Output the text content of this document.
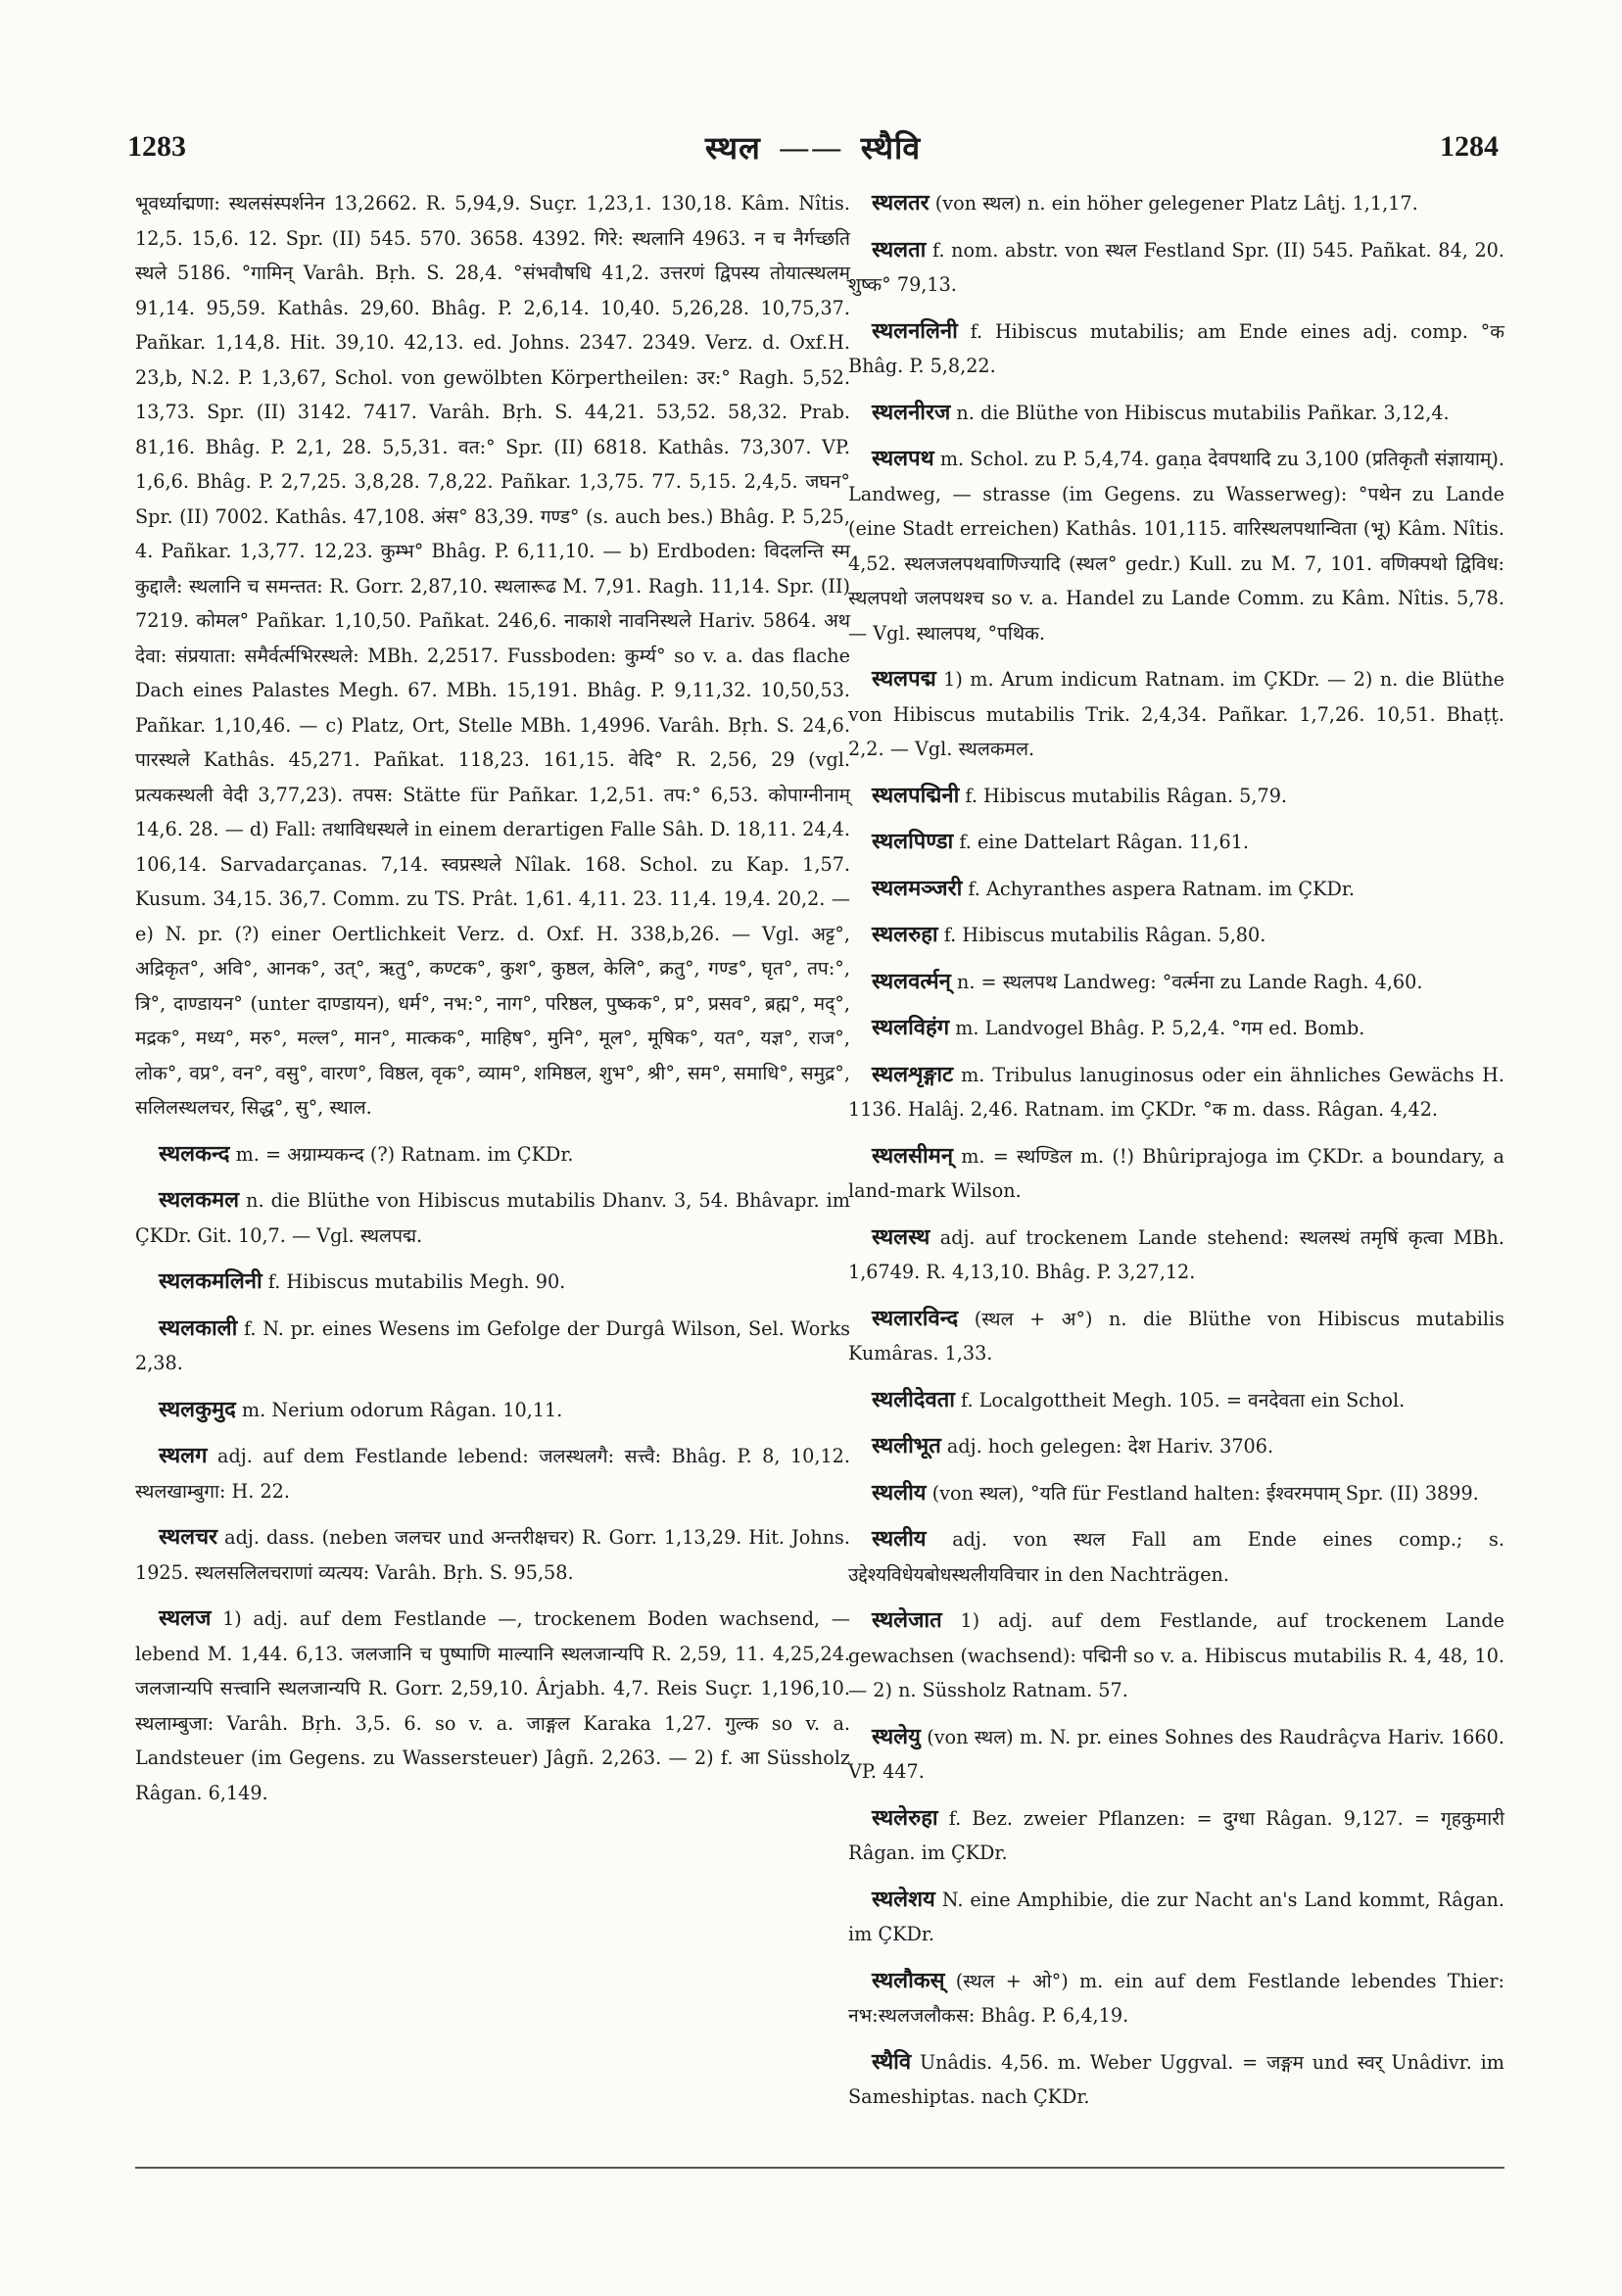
1283	स्थल —— स्थैवि	1284

भूवर्ध्याद्मणा: स्थलसंस्पर्शनेन 13,2662. R. 5,94,9. Suçr. 1,23,1. 130,18. Kâm. Nîtis. 12,5. 15,6. 12. Spr. (II) 545. 570. 3658. 4392. गिरे: स्थलानि 4963. न च नैर्गच्छति स्थले 5186. °गामिन् Varâh. Bṛh. S. 28,4. °संभवौषधि 41,2. उत्तरणं द्विपस्य तोयात्स्थलम् 91,14. 95,59. Kathâs. 29,60. Bhâg. P. 2,6,14. 10,40. 5,26,28. 10,75,37. Pañkar. 1,14,8. Hit. 39,10. 42,13. ed. Johns. 2347. 2349. Verz. d. Oxf.H. 23,b, N.2. P. 1,3,67, Schol. von gewölbten Körpertheilen: उर:° Ragh. 5,52. 13,73. Spr. (II) 3142. 7417. Varâh. Bṛh. S. 44,21. 53,52. 58,32. Prab. 81,16. Bhâg. P. 2,1, 28. 5,5,31. वत:° Spr. (II) 6818. Kathâs. 73,307. VP. 1,6,6. Bhâg. P. 2,7,25. 3,8,28. 7,8,22. Pañkar. 1,3,75. 77. 5,15. 2,4,5. जघन° Spr. (II) 7002. Kathâs. 47,108. अंस° 83,39. गण्ड° (s. auch bes.) Bhâg. P. 5,25, 4. Pañkar. 1,3,77. 12,23. कुम्भ° Bhâg. P. 6,11,10. — b) Erdboden: विदलन्ति स्म कुद्दालै: स्थलानि च समन्तत: R. Gorr. 2,87,10. स्थलारूढ M. 7,91. Ragh. 11,14. Spr. (II) 7219. कोमल° Pañkar. 1,10,50. Pañkat. 246,6. नाकाशे नावनिस्थले Hariv. 5864. अथ देवा: संप्रयाता: समैर्वर्त्मभिरस्थले: MBh. 2,2517. Fussboden: कुर्म्य° so v. a. das flache Dach eines Palastes Megh. 67. MBh. 15,191. Bhâg. P. 9,11,32. 10,50,53. Pañkar. 1,10,46. — c) Platz, Ort, Stelle MBh. 1,4996. Varâh. Bṛh. S. 24,6. पारस्थले Kathâs. 45,271. Pañkat. 118,23. 161,15. वेदि° R. 2,56, 29 (vgl. प्रत्यकस्थली वेदी 3,77,23). तपस: Stätte für Pañkar. 1,2,51. तप:° 6,53. कोपाग्नीनाम् 14,6. 28. — d) Fall: तथाविधस्थले in einem derartigen Falle Sâh. D. 18,11. 24,4. 106,14. Sarvadarçanas. 7,14. स्वप्रस्थले Nîlak. 168. Schol. zu Kap. 1,57. Kusum. 34,15. 36,7. Comm. zu TS. Prât. 1,61. 4,11. 23. 11,4. 19,4. 20,2. — e) N. pr. (?) einer Oertlichkeit Verz. d. Oxf. H. 338,b,26. — Vgl. अट्ट°, अद्रिकृत°, अवि°, आनक°, उत्°, ऋतु°, कण्टक°, कुश°, कुष्ठल, केलि°, क्रतु°, गण्ड°, घृत°, तप:°, त्रि°, दाण्डायन° (unter दाण्डायन), धर्म°, नभ:°, नाग°, परिष्ठल, पुष्कक°, प्र°, प्रसव°, ब्रह्म°, मद्°, मद्रक°, मध्य°, मरु°, मल्ल°, मान°, मात्कक°, माहिष°, मुनि°, मूल°, मूषिक°, यत°, यज्ञ°, राज°, लोक°, वप्र°, वन°, वसु°, वारण°, विष्ठल, वृक°, व्याम°, शमिष्ठल, शुभ°, श्री°, सम°, समाधि°, समुद्र°, सलिलस्थलचर, सिद्ध°, सु°, स्थाल.

स्थलकन्द m. = अग्राम्यकन्द (?) Ratnam. im ÇKDr.

स्थलकमल n. die Blüthe von Hibiscus mutabilis Dhanv. 3, 54. Bhâvapr. im ÇKDr. Git. 10,7. — Vgl. स्थलपद्म.

स्थलकमलिनी f. Hibiscus mutabilis Megh. 90.

स्थलकाली f. N. pr. eines Wesens im Gefolge der Durgâ Wilson, Sel. Works 2,38.

स्थलकुमुद m. Nerium odorum Râgan. 10,11.

स्थलग adj. auf dem Festlande lebend: जलस्थलगै: सत्त्वै: Bhâg. P. 8, 10,12. स्थलखाम्बुगा: H. 22.

स्थलचर adj. dass. (neben जलचर und अन्तरीक्षचर) R. Gorr. 1,13,29. Hit. Johns. 1925. स्थलसलिलचराणां व्यत्यय: Varâh. Bṛh. S. 95,58.

स्थलज 1) adj. auf dem Festlande —, trockenem Boden wachsend, — lebend M. 1,44. 6,13. जलजानि च पुष्पाणि माल्यानि स्थलजान्यपि R. 2,59, 11. 4,25,24. जलजान्यपि सत्त्वानि स्थलजान्यपि R. Gorr. 2,59,10. Ârjabh. 4,7. Reis Suçr. 1,196,10. स्थलाम्बुजा: Varâh. Bṛh. 3,5. 6. so v. a. जाङ्गल Karaka 1,27. गुल्क so v. a. Landsteuer (im Gegens. zu Wassersteuer) Jâgñ. 2,263. — 2) f. आ Süssholz Râgan. 6,149.

स्थलतर (von स्थल) n. ein höher gelegener Platz Lâṭj. 1,1,17.

स्थलता f. nom. abstr. von स्थल Festland Spr. (II) 545. Pañkat. 84, 20. शुष्क° 79,13.

स्थलनलिनी f. Hibiscus mutabilis; am Ende eines adj. comp. °क Bhâg. P. 5,8,22.

स्थलनीरज n. die Blüthe von Hibiscus mutabilis Pañkar. 3,12,4.

स्थलपथ m. Schol. zu P. 5,4,74. gaṇa देवपथादि zu 3,100 (प्रतिकृतौ संज्ञायाम्). Landweg, — strasse (im Gegens. zu Wasserweg): °पथेन zu Lande (eine Stadt erreichen) Kathâs. 101,115. वारिस्थलपथान्विता (भू) Kâm. Nîtis. 4,52. स्थलजलपथवाणिज्यादि (स्थल° gedr.) Kull. zu M. 7, 101. वणिक्पथो द्विविध: स्थलपथो जलपथश्च so v. a. Handel zu Lande Comm. zu Kâm. Nîtis. 5,78. — Vgl. स्थालपथ, °पथिक.

स्थलपद्म 1) m. Arum indicum Ratnam. im ÇKDr. — 2) n. die Blüthe von Hibiscus mutabilis Trik. 2,4,34. Pañkar. 1,7,26. 10,51. Bhaṭṭ. 2,2. — Vgl. स्थलकमल.

स्थलपद्मिनी f. Hibiscus mutabilis Râgan. 5,79.

स्थलपिण्डा f. eine Dattelart Râgan. 11,61.

स्थलमञ्जरी f. Achyranthes aspera Ratnam. im ÇKDr.

स्थलरुहा f. Hibiscus mutabilis Râgan. 5,80.

स्थलवर्त्मन् n. = स्थलपथ Landweg: °वर्त्मना zu Lande Ragh. 4,60.

स्थलविहंग m. Landvogel Bhâg. P. 5,2,4. °गम ed. Bomb.

स्थलशृङ्गाट m. Tribulus lanuginosus oder ein ähnliches Gewächs H. 1136. Halâj. 2,46. Ratnam. im ÇKDr. °क m. dass. Râgan. 4,42.

स्थलसीमन् m. = स्थण्डिल m. (!) Bhûriprajoga im ÇKDr. a boundary, a land-mark Wilson.

स्थलस्थ adj. auf trockenem Lande stehend: स्थलस्थं तमृषिं कृत्वा MBh. 1,6749. R. 4,13,10. Bhâg. P. 3,27,12.

स्थलारविन्द (स्थल + अ°) n. die Blüthe von Hibiscus mutabilis Kumâras. 1,33.

स्थलीदेवता f. Localgottheit Megh. 105. = वनदेवता ein Schol.

स्थलीभूत adj. hoch gelegen: देश Hariv. 3706.

स्थलीय (von स्थल), °यति für Festland halten: ईश्वरमपाम् Spr. (II) 3899.

स्थलीय adj. von स्थल Fall am Ende eines comp.; s. उद्देश्यविधेयबोधस्थलीयविचार in den Nachträgen.

स्थलेजात 1) adj. auf dem Festlande, auf trockenem Lande gewachsen (wachsend): पद्मिनी so v. a. Hibiscus mutabilis R. 4, 48, 10. — 2) n. Süssholz Ratnam. 57.

स्थलेयु (von स्थल) m. N. pr. eines Sohnes des Raudrâçva Hariv. 1660. VP. 447.

स्थलेरुहा f. Bez. zweier Pflanzen: = दुग्धा Râgan. 9,127. = गृहकुमारी Râgan. im ÇKDr.

स्थलेशय N. eine Amphibie, die zur Nacht an's Land kommt, Râgan. im ÇKDr.

स्थलौकस् (स्थल + ओ°) m. ein auf dem Festlande lebendes Thier: नभ:स्थलजलौकस: Bhâg. P. 6,4,19.

स्थैवि Unâdis. 4,56. m. Weber Uggval. = जङ्गम und स्वर् Unâdivr. im Sameshiptas. nach ÇKDr.
